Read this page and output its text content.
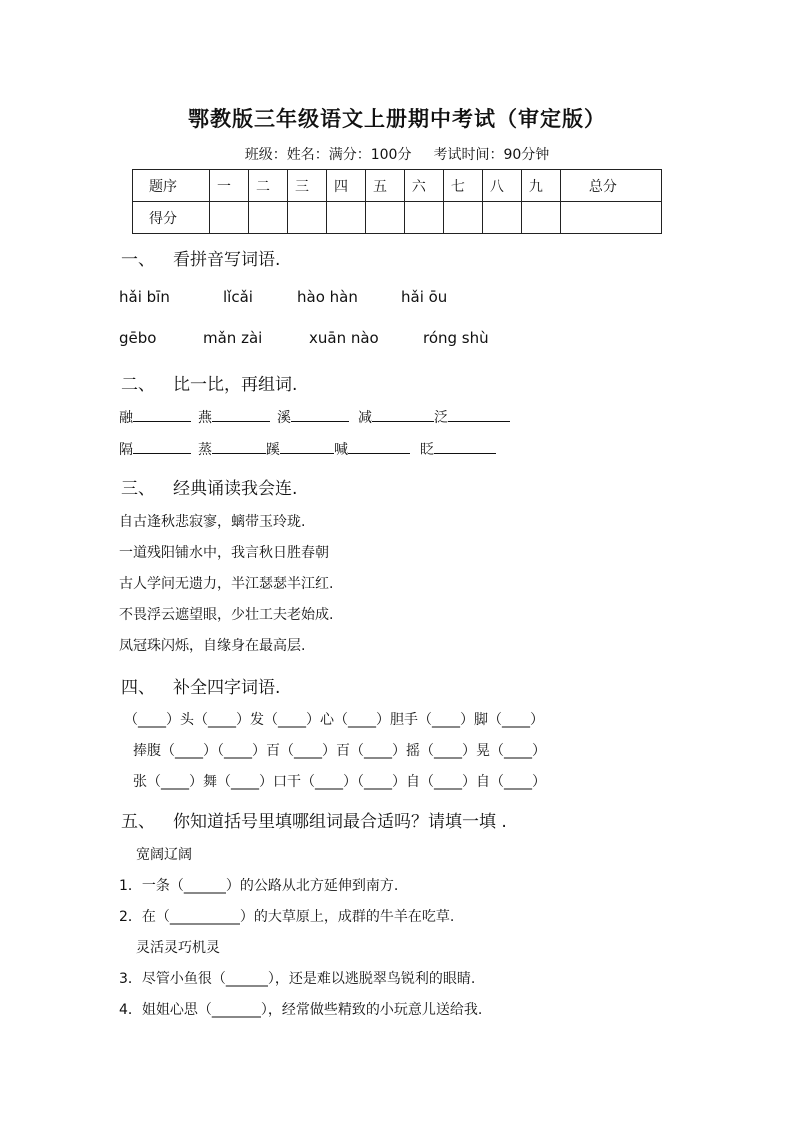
鄂教版三年级语文上册期中考试（审定版）
班级：姓名：满分：100分 考试时间：90分钟
题序	一	二	三	四	五	六	七	八	九	总分
得分										
一、 看拼音写词语.
hǎi bīn	lǐcǎi	hào hàn	hǎi ōu
gēbo	mǎn zài	xuān nào	róng shù
二、 比一比，再组词.
融	燕	溪	减	泛
隔	蒸	蹊	喊	眨
三、 经典诵读我会连.
自古逢秋悲寂寥，螭带玉玲珑.
一道残阳铺水中，我言秋日胜春朝
古人学问无遗力，半江瑟瑟半江红.
不畏浮云遮望眼，少壮工夫老始成.
凤冠珠闪烁，自缘身在最高层.
四、 补全四字词语.
（____）头（____）发（____）心（____）胆手（____）脚（____）
捧腹（____）（____）百（____）百（____）摇（____）晃（____）
张（____）舞（____）口干（____）（____）自（____）自（____）
五、 你知道括号里填哪组词最合适吗？请填一填 .
宽阔辽阔
1．一条（______）的公路从北方延伸到南方.
2．在（__________）的大草原上，成群的牛羊在吃草.
灵活灵巧机灵
3．尽管小鱼很（______），还是难以逃脱翠鸟锐利的眼睛.
4．姐姐心思（_______），经常做些精致的小玩意儿送给我.
